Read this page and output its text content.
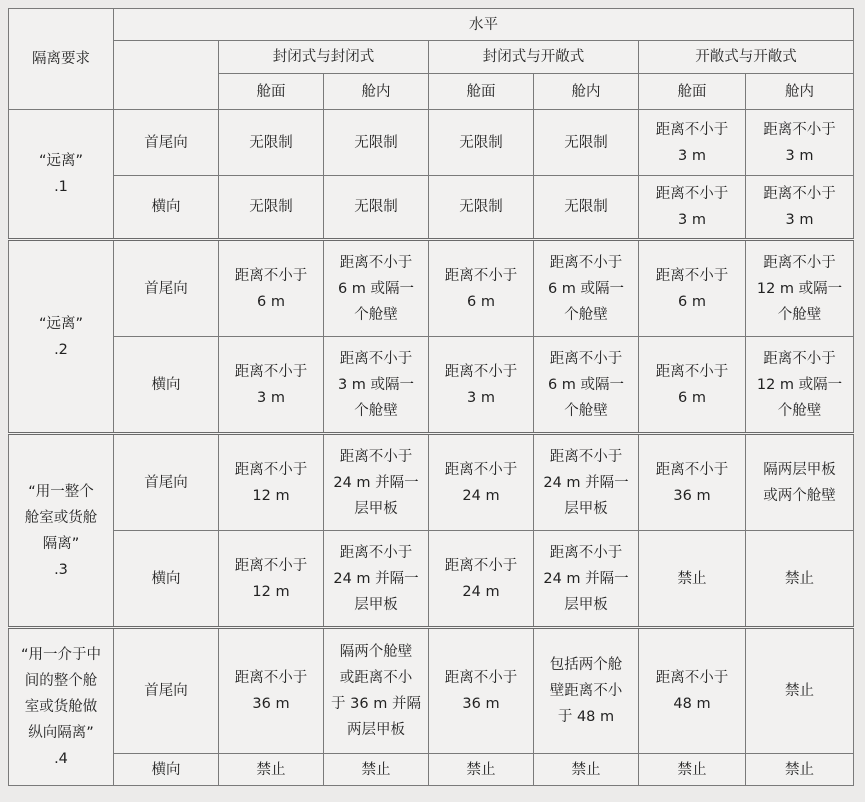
隔离要求	水平						
		封闭式与封闭式		封闭式与开敞式		开敞式与开敞式	
		舱面	舱内	舱面	舱内	舱面	舱内

“远离”
.1	首尾向	无限制	无限制	无限制	无限制	距离不小于
3 m	距离不小于
3 m

	横向	无限制	无限制	无限制	无限制	距离不小于
3 m	距离不小于
3 m

“远离”
.2	首尾向	距离不小于
6 m	距离不小于
6 m 或隔一
个舱壁	距离不小于
6 m	距离不小于
6 m 或隔一
个舱壁	距离不小于
6 m	距离不小于
12 m 或隔一
个舱壁

	横向	距离不小于
3 m	距离不小于
3 m 或隔一
个舱壁	距离不小于
3 m	距离不小于
6 m 或隔一
个舱壁	距离不小于
6 m	距离不小于
12 m 或隔一
个舱壁

“用一整个
舱室或货舱
隔离”
.3	首尾向	距离不小于
12 m	距离不小于
24 m 并隔一
层甲板	距离不小于
24 m	距离不小于
24 m 并隔一
层甲板	距离不小于
36 m	隔两层甲板
或两个舱壁

	横向	距离不小于
12 m	距离不小于
24 m 并隔一
层甲板	距离不小于
24 m	距离不小于
24 m 并隔一
层甲板	禁止	禁止

“用一介于中
间的整个舱
室或货舱做
纵向隔离”
.4	首尾向	距离不小于
36 m	隔两个舱壁
或距离不小
于 36 m 并隔
两层甲板	距离不小于
36 m	包括两个舱
壁距离不小
于 48 m	距离不小于
48 m	禁止

	横向	禁止	禁止	禁止	禁止	禁止	禁止
